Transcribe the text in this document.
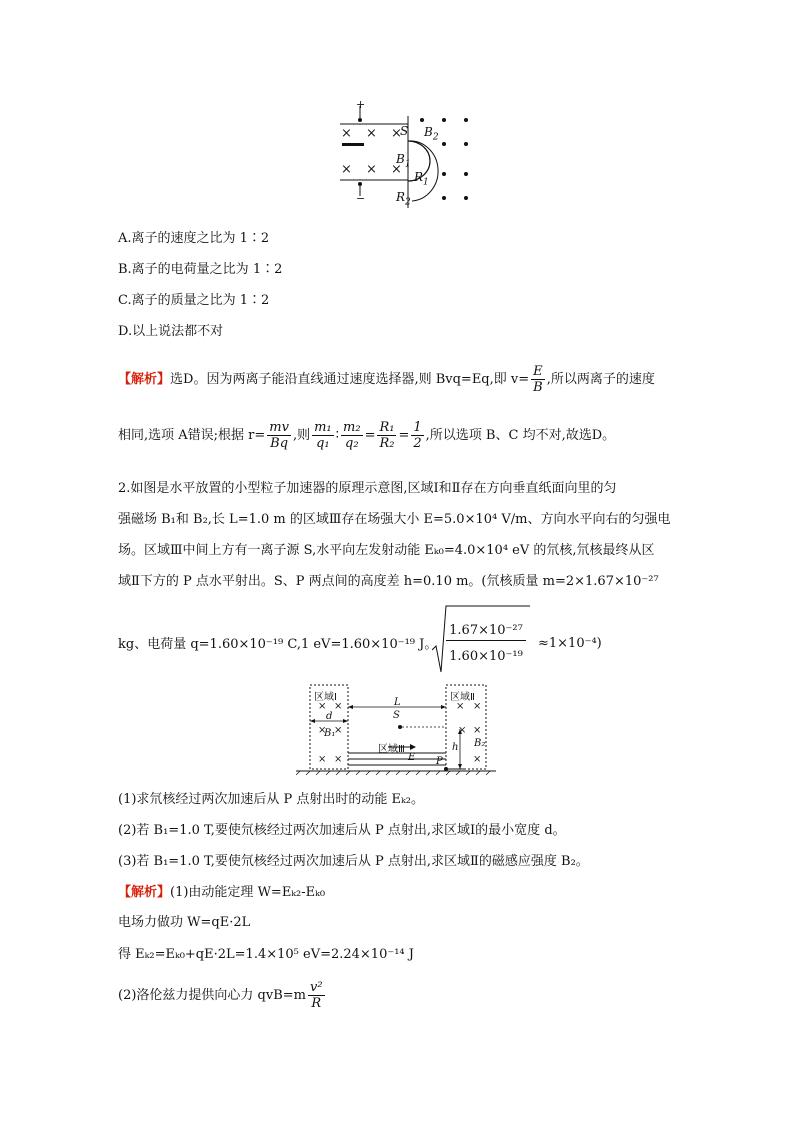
+
−
× × ×
× × ×
S $B_2$
$B_1$
$R_1$
$R_2$
A.离子的速度之比为 1∶2
B.离子的电荷量之比为 1∶2
C.离子的质量之比为 1∶2
D.以上说法都不对
【解析】选D。因为两离子能沿直线通过速度选择器,则 Bvq=Eq,即 $v= \frac{E}{B}$ ,所以两离子的速度
相同,选项 A错误;根据 $r= \frac{mv}{Bq}$ ,则 $\frac{\text{m₁}}{\text{q₁}}$ ∶ $\frac{\text{m₂}}{\text{q₂}} = \frac{\text{R₁}}{\text{R₂}} = \frac{1}{2}$ ,所以选项 B、C 均不对,故选D。
2.如图是水平放置的小型粒子加速器的原理示意图,区域Ⅰ和Ⅱ存在方向垂直纸面向里的匀
强磁场 B₁和 B₂,长 L=1.0 m 的区域Ⅲ存在场强大小 E=5.0×10⁴ V/m、方向水平向右的匀强电
场。区域Ⅲ中间上方有一离子源 S,水平向左发射动能 Eₖ₀=4.0×10⁴ eV 的氘核,氘核最终从区
域Ⅱ下方的 P 点水平射出。S、P 两点间的高度差 h=0.10 m。(氘核质量 m=2×1.67×10⁻²⁷
kg、电荷量 q=1.60×10⁻¹⁹ C,1 eV=1.60×10⁻¹⁹ J。
1.67×10⁻²⁷
1.60×10⁻¹⁹
≈1×10⁻⁴)
区域Ⅰ	区域Ⅱ
区域Ⅲ
L
d	S
B₁
B₂
h
E P
× ×
× ×
× ×
× ×
× ×
×
(1)求氘核经过两次加速后从 P 点射出时的动能 Eₖ₂。
(2)若 B₁=1.0 T,要使氘核经过两次加速后从 P 点射出,求区域Ⅰ的最小宽度 d。
(3)若 B₁=1.0 T,要使氘核经过两次加速后从 P 点射出,求区域Ⅱ的磁感应强度 B₂。
【解析】(1)由动能定理 W=Eₖ₂-Eₖ₀
电场力做功 W=qE·2L
得 Eₖ₂=Eₖ₀+qE·2L=1.4×10⁵ eV=2.24×10⁻¹⁴ J
(2)洛伦兹力提供向心力 $qvB=m \frac{\text{v²}}{R}$
